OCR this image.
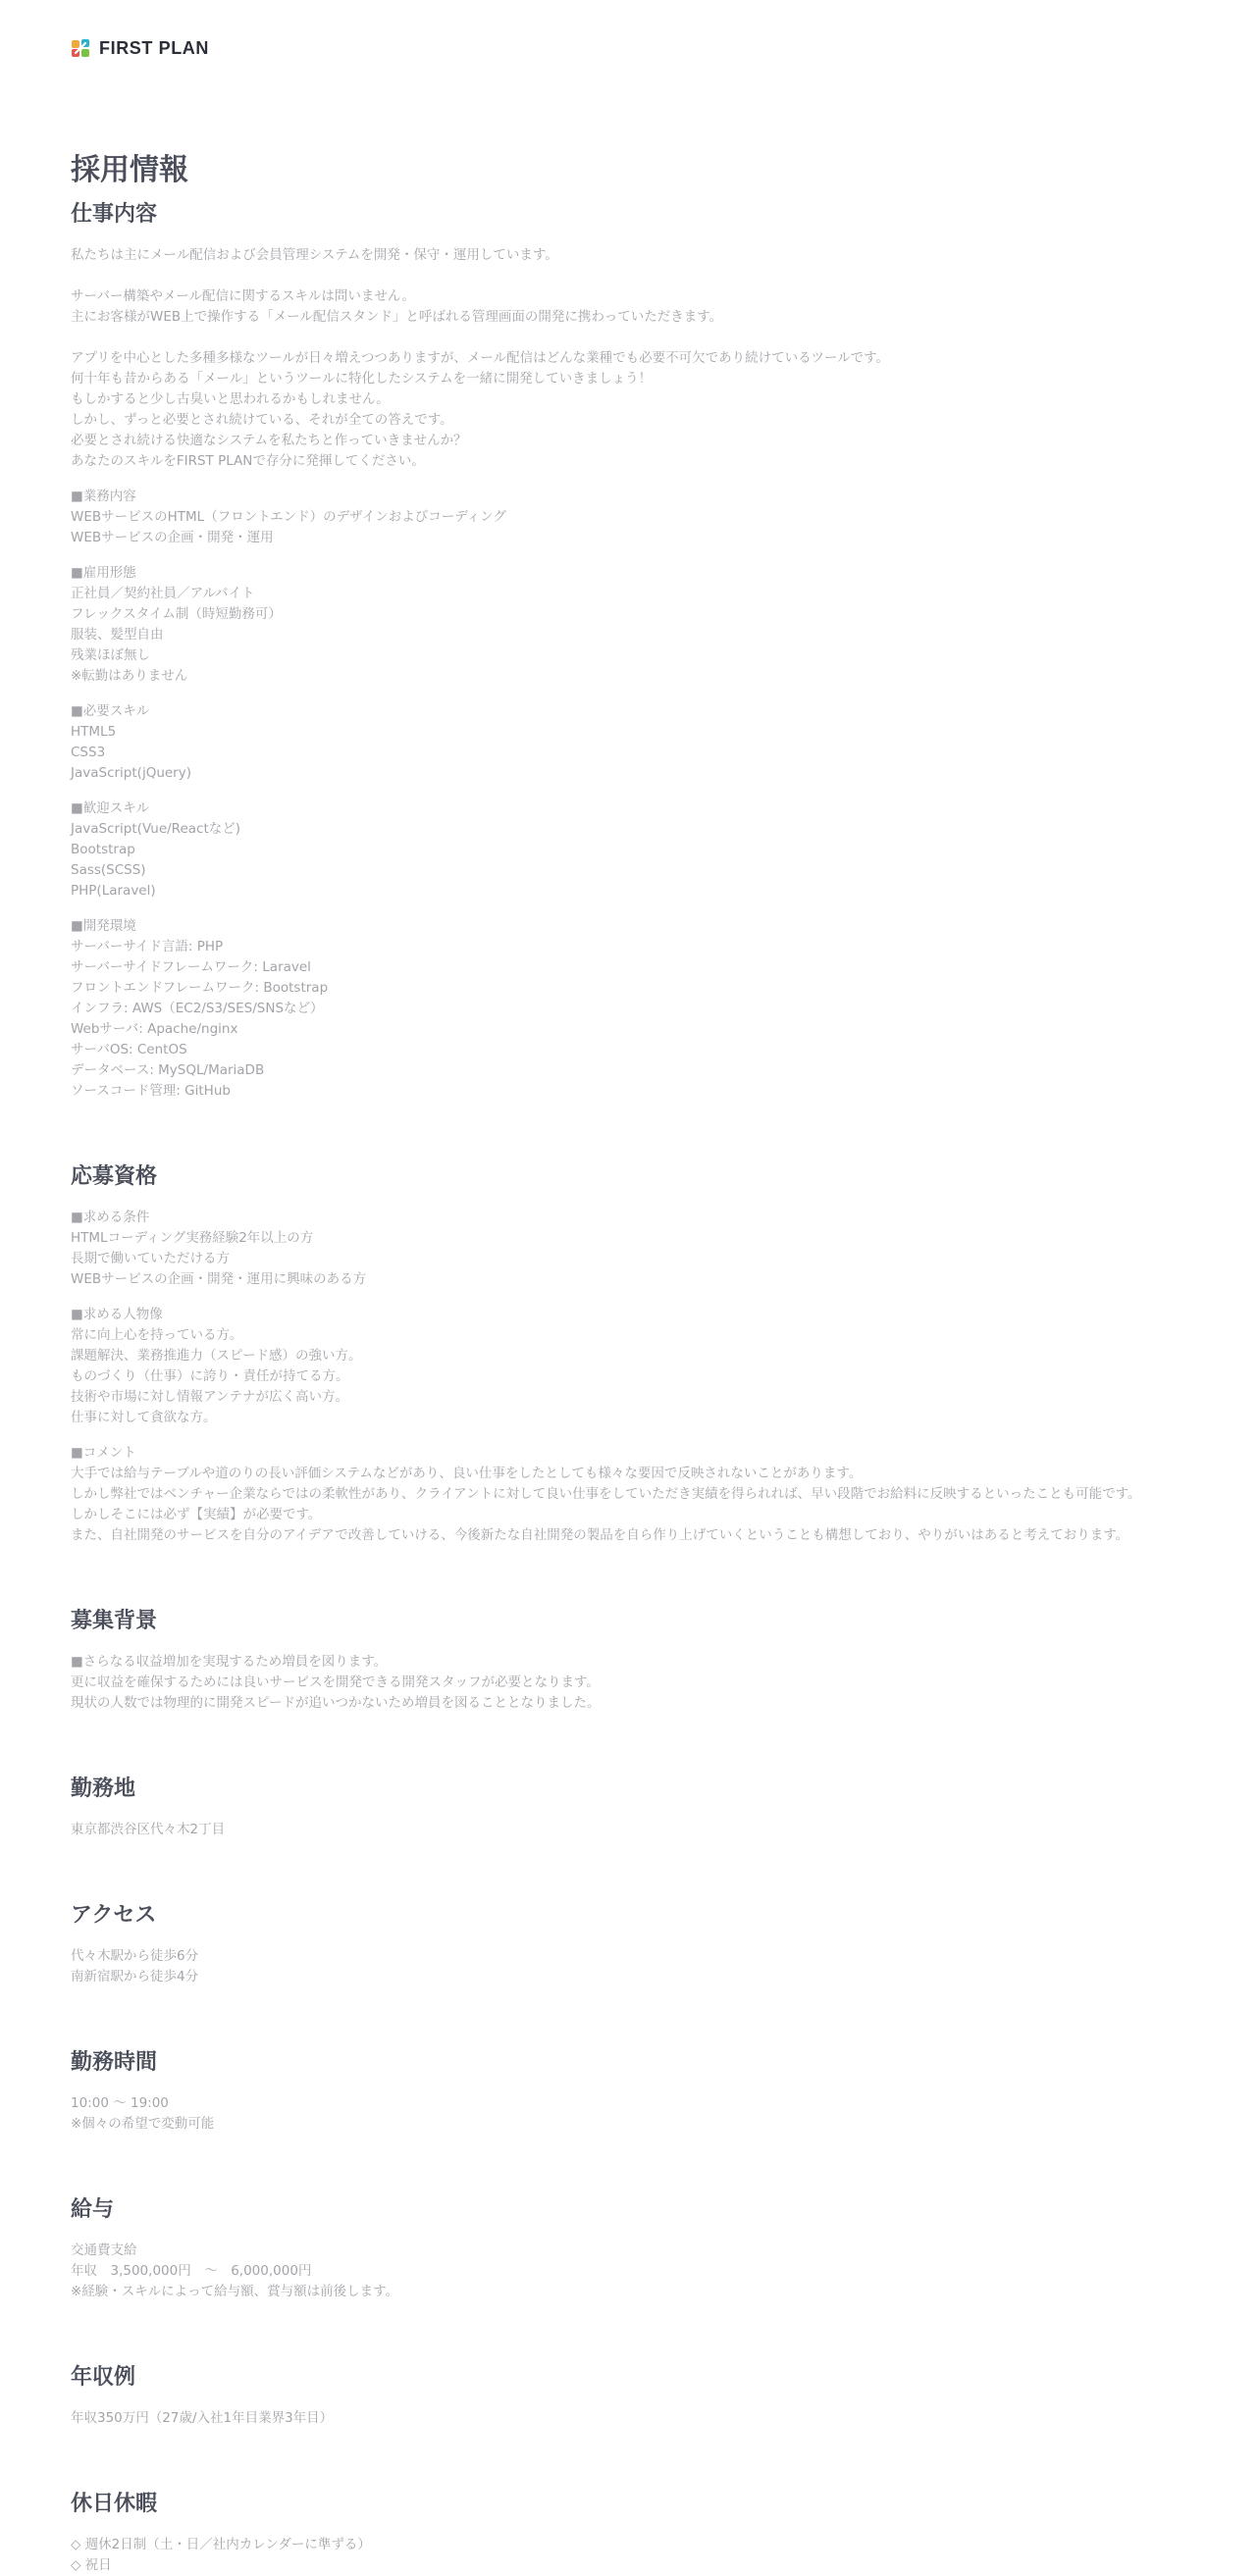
FIRST PLAN
採用情報
仕事内容
私たちは主にメール配信および会員管理システムを開発・保守・運用しています。
サーバー構築やメール配信に関するスキルは問いません。
主にお客様がWEB上で操作する「メール配信スタンド」と呼ばれる管理画面の開発に携わっていただきます。
アプリを中心とした多種多様なツールが日々増えつつありますが、メール配信はどんな業種でも必要不可欠であり続けているツールです。
何十年も昔からある「メール」というツールに特化したシステムを一緒に開発していきましょう！
もしかすると少し古臭いと思われるかもしれません。
しかし、ずっと必要とされ続けている、それが全ての答えです。
必要とされ続ける快適なシステムを私たちと作っていきませんか？
あなたのスキルをFIRST PLANで存分に発揮してください。
■業務内容
WEBサービスのHTML（フロントエンド）のデザインおよびコーディング
WEBサービスの企画・開発・運用
■雇用形態
正社員／契約社員／アルバイト
フレックスタイム制（時短勤務可）
服装、髪型自由
残業ほぼ無し
※転勤はありません
■必要スキル
HTML5
CSS3
JavaScript(jQuery)
■歓迎スキル
JavaScript(Vue/Reactなど)
Bootstrap
Sass(SCSS)
PHP(Laravel)
■開発環境
サーバーサイド言語: PHP
サーバーサイドフレームワーク: Laravel
フロントエンドフレームワーク: Bootstrap
インフラ: AWS（EC2/S3/SES/SNSなど）
Webサーバ: Apache/nginx
サーバOS: CentOS
データベース: MySQL/MariaDB
ソースコード管理: GitHub
応募資格
■求める条件
HTMLコーディング実務経験2年以上の方
長期で働いていただける方
WEBサービスの企画・開発・運用に興味のある方
■求める人物像
常に向上心を持っている方。
課題解決、業務推進力（スピード感）の強い方。
ものづくり（仕事）に誇り・責任が持てる方。
技術や市場に対し情報アンテナが広く高い方。
仕事に対して貪欲な方。
■コメント
大手では給与テーブルや道のりの長い評価システムなどがあり、良い仕事をしたとしても様々な要因で反映されないことがあります。
しかし弊社ではベンチャー企業ならではの柔軟性があり、クライアントに対して良い仕事をしていただき実績を得られれば、早い段階でお給料に反映するといったことも可能です。
しかしそこには必ず【実績】が必要です。
また、自社開発のサービスを自分のアイデアで改善していける、今後新たな自社開発の製品を自ら作り上げていくということも構想しており、やりがいはあると考えております。
募集背景
■さらなる収益増加を実現するため増員を図ります。
更に収益を確保するためには良いサービスを開発できる開発スタッフが必要となります。
現状の人数では物理的に開発スピードが追いつかないため増員を図ることとなりました。
勤務地
東京都渋谷区代々木2丁目
アクセス
代々木駅から徒歩6分
南新宿駅から徒歩4分
勤務時間
10:00 ～ 19:00
※個々の希望で変動可能
給与
交通費支給
年収　3,500,000円　～　6,000,000円
※経験・スキルによって給与額、賞与額は前後します。
年収例
年収350万円（27歳/入社1年目業界3年目）
休日休暇
◇ 週休2日制（土・日／社内カレンダーに準ずる）
◇ 祝日
